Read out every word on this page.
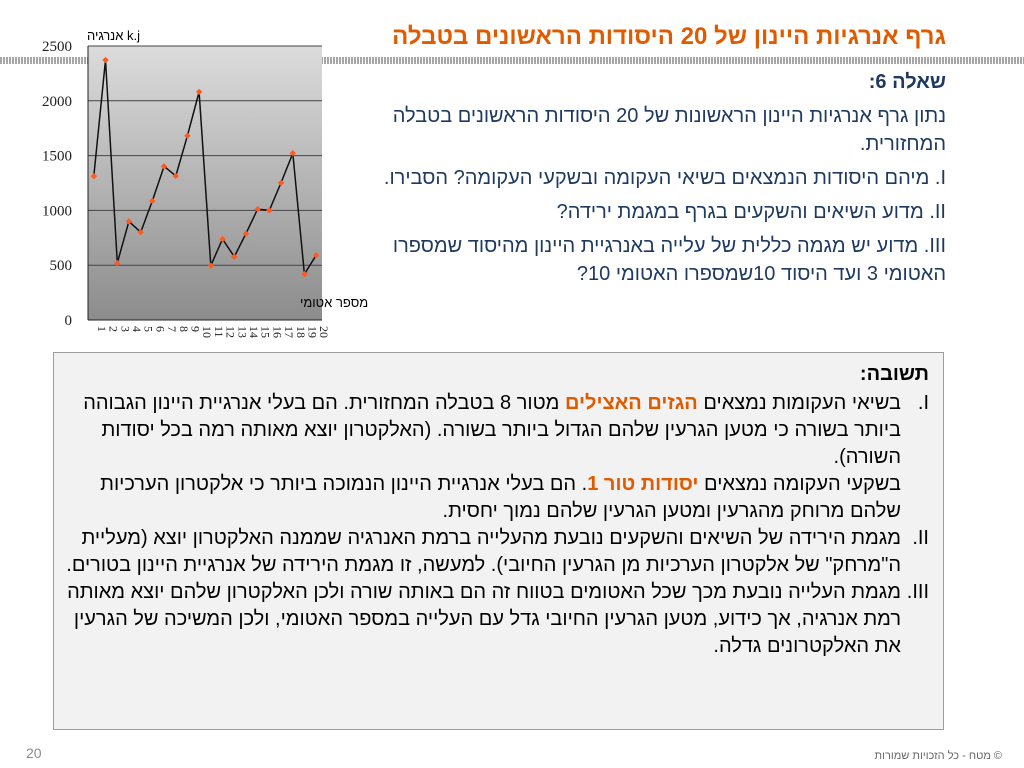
גרף אנרגיות היינון של 20 היסודות הראשונים בטבלה
0
500
1000
1500
2000
2500
1
2
3
4
5
6
7
8
9
10
11
12
13
14
15
16
17
18
19
20
אנרגיה k.j
מספר אטומי

שאלה 6:

נתון גרף אנרגיות היינון הראשונות של 20 היסודות הראשונים בטבלה המחזורית.

I. מיהם היסודות הנמצאים בשיאי העקומה ובשקעי העקומה? הסבירו.

II. מדוע השיאים והשקעים בגרף במגמת ירידה?

III. מדוע יש מגמה כללית של עלייה באנרגיית היינון מהיסוד שמספרו האטומי 3 ועד היסוד 10שמספרו האטומי 10?

תשובה:
I.
בשיאי העקומות נמצאים הגזים האצילים מטור 8 בטבלה המחזורית. הם בעלי אנרגיית היינון הגבוהה ביותר בשורה כי מטען הגרעין שלהם הגדול ביותר בשורה. (האלקטרון יוצא מאותה רמה בכל יסודות השורה).
בשקעי העקומה נמצאים יסודות טור 1. הם בעלי אנרגיית היינון הנמוכה ביותר כי אלקטרון הערכיות שלהם מרוחק מהגרעין ומטען הגרעין שלהם נמוך יחסית.
II.
מגמת הירידה של השיאים והשקעים נובעת מהעלייה ברמת האנרגיה שממנה האלקטרון יוצא (מעליית ה"מרחק" של אלקטרון הערכיות מן הגרעין החיובי). למעשה, זו מגמת הירידה של אנרגיית היינון בטורים.
III.
מגמת העלייה נובעת מכך שכל האטומים בטווח זה הם באותה שורה ולכן האלקטרון שלהם יוצא מאותה רמת אנרגיה, אך כידוע, מטען הגרעין החיובי גדל עם העלייה במספר האטומי, ולכן המשיכה של הגרעין את האלקטרונים גדלה.
20	© מטח - כל הזכויות שמורות
